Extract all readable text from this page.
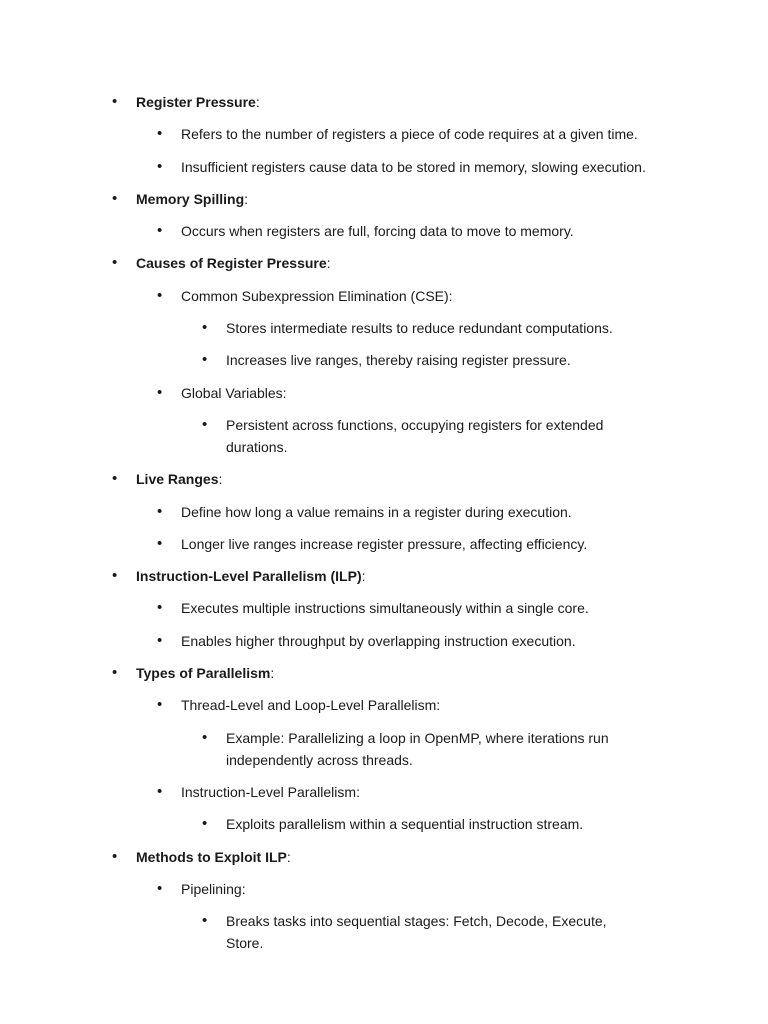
• Register Pressure:
• Refers to the number of registers a piece of code requires at a given time.
• Insufficient registers cause data to be stored in memory, slowing execution.
• Memory Spilling:
• Occurs when registers are full, forcing data to move to memory.
• Causes of Register Pressure:
• Common Subexpression Elimination (CSE):
• Stores intermediate results to reduce redundant computations.
• Increases live ranges, thereby raising register pressure.
• Global Variables:
• Persistent across functions, occupying registers for extended durations.
• Live Ranges:
• Define how long a value remains in a register during execution.
• Longer live ranges increase register pressure, affecting efficiency.
• Instruction-Level Parallelism (ILP):
• Executes multiple instructions simultaneously within a single core.
• Enables higher throughput by overlapping instruction execution.
• Types of Parallelism:
• Thread-Level and Loop-Level Parallelism:
• Example: Parallelizing a loop in OpenMP, where iterations run independently across threads.
• Instruction-Level Parallelism:
• Exploits parallelism within a sequential instruction stream.
• Methods to Exploit ILP:
• Pipelining:
• Breaks tasks into sequential stages: Fetch, Decode, Execute, Store.
